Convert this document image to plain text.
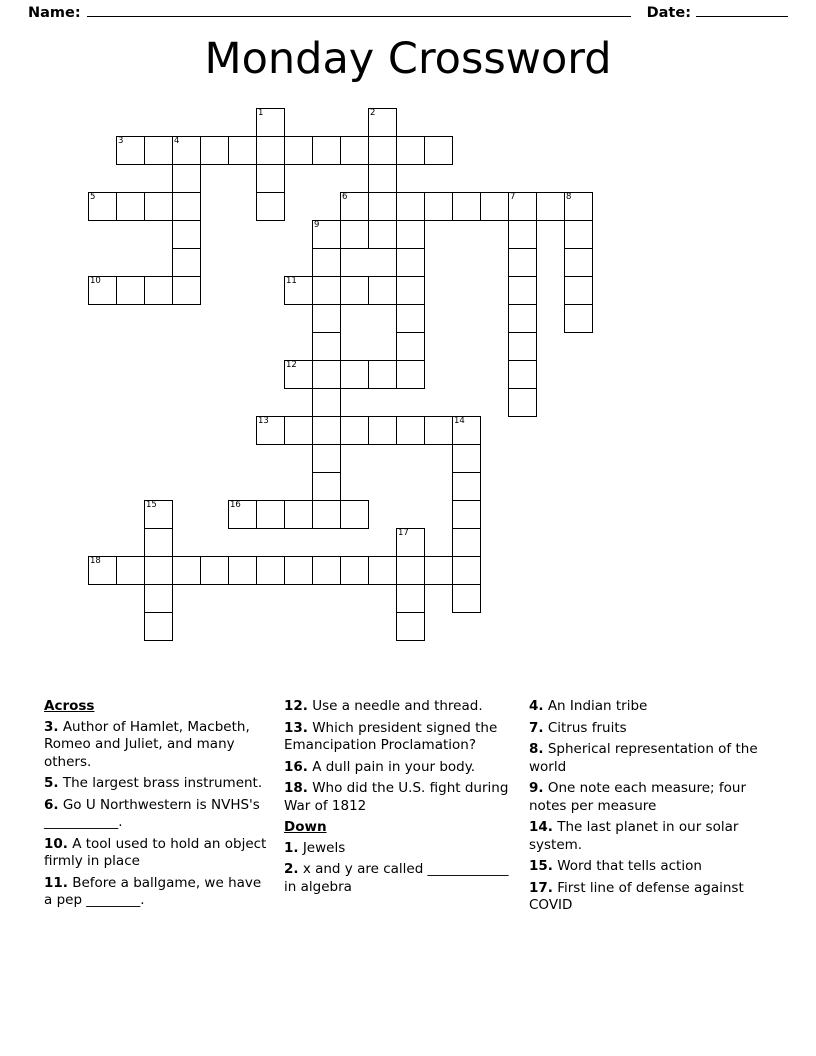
Name:	Date:
Monday Crossword
1	2
3	4
5	6	7	8
9
10	11
12
13	14
15	16
17
18
Across
3. Author of Hamlet, Macbeth, Romeo and Juliet, and many others.
5. The largest brass instrument.
6. Go U Northwestern is NVHS's ___________.
10. A tool used to hold an object firmly in place
11. Before a ballgame, we have a pep ________.
12. Use a needle and thread.
13. Which president signed the Emancipation Proclamation?
16. A dull pain in your body.
18. Who did the U.S. fight during War of 1812
Down
1. Jewels
2. x and y are called ____________ in algebra
4. An Indian tribe
7. Citrus fruits
8. Spherical representation of the world
9. One note each measure; four notes per measure
14. The last planet in our solar system.
15. Word that tells action
17. First line of defense against COVID
